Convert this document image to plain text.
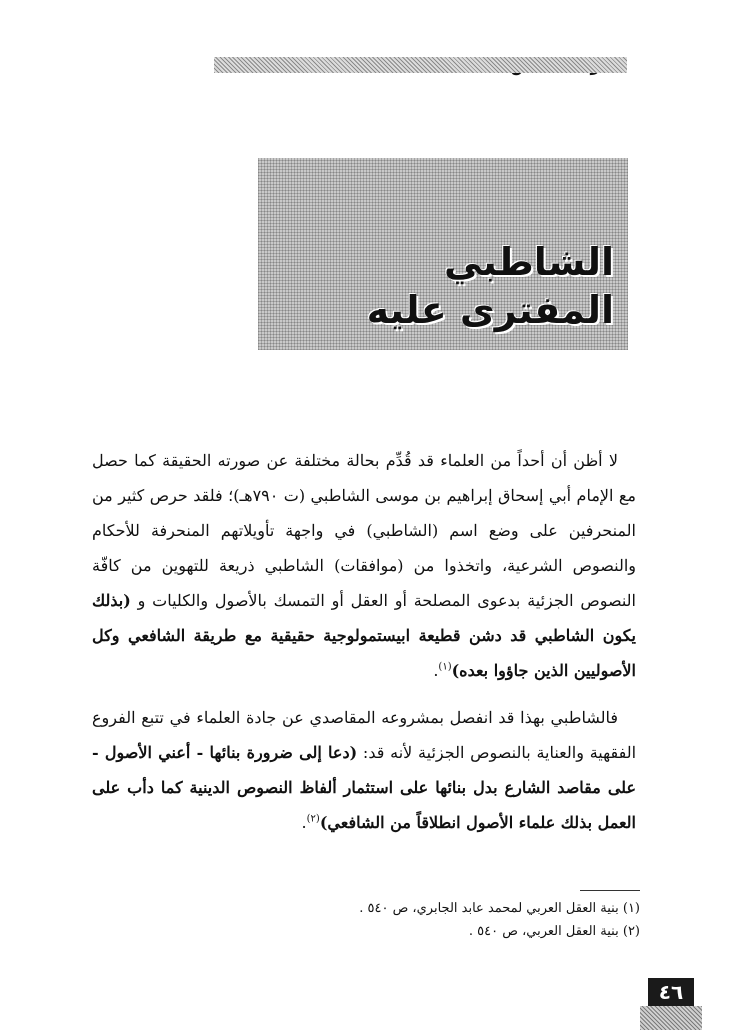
الشاطبي
المفترى عليه

لا أظن أن أحداً من العلماء قد قُدِّم بحالة مختلفة عن صورته الحقيقة كما حصل مع الإمام أبي إسحاق إبراهيم بن موسى الشاطبي (ت ٧٩٠هـ)؛ فلقد حرص كثير من المنحرفين على وضع اسم (الشاطبي) في واجهة تأويلاتهم المنحرفة للأحكام والنصوص الشرعية، واتخذوا من (موافقات) الشاطبي ذريعة للتهوين من كافّة النصوص الجزئية بدعوى المصلحة أو العقل أو التمسك بالأصول والكليات و (بذلك يكون الشاطبي قد دشن قطيعة ابيستمولوجية حقيقية مع طريقة الشافعي وكل الأصوليين الذين جاؤوا بعده)$^{(١)}$.

فالشاطبي بهذا قد انفصل بمشروعه المقاصدي عن جادة العلماء في تتبع الفروع الفقهية والعناية بالنصوص الجزئية لأنه قد: (دعا إلى ضرورة بنائها - أعني الأصول - على مقاصد الشارع بدل بنائها على استثمار ألفاظ النصوص الدينية كما دأب على العمل بذلك علماء الأصول انطلاقاً من الشافعي)$^{(٢)}$.

(١) بنية العقل العربي لمحمد عابد الجابري، ص ٥٤٠ .
(٢) بنية العقل العربي، ص ٥٤٠ .
٤٦
